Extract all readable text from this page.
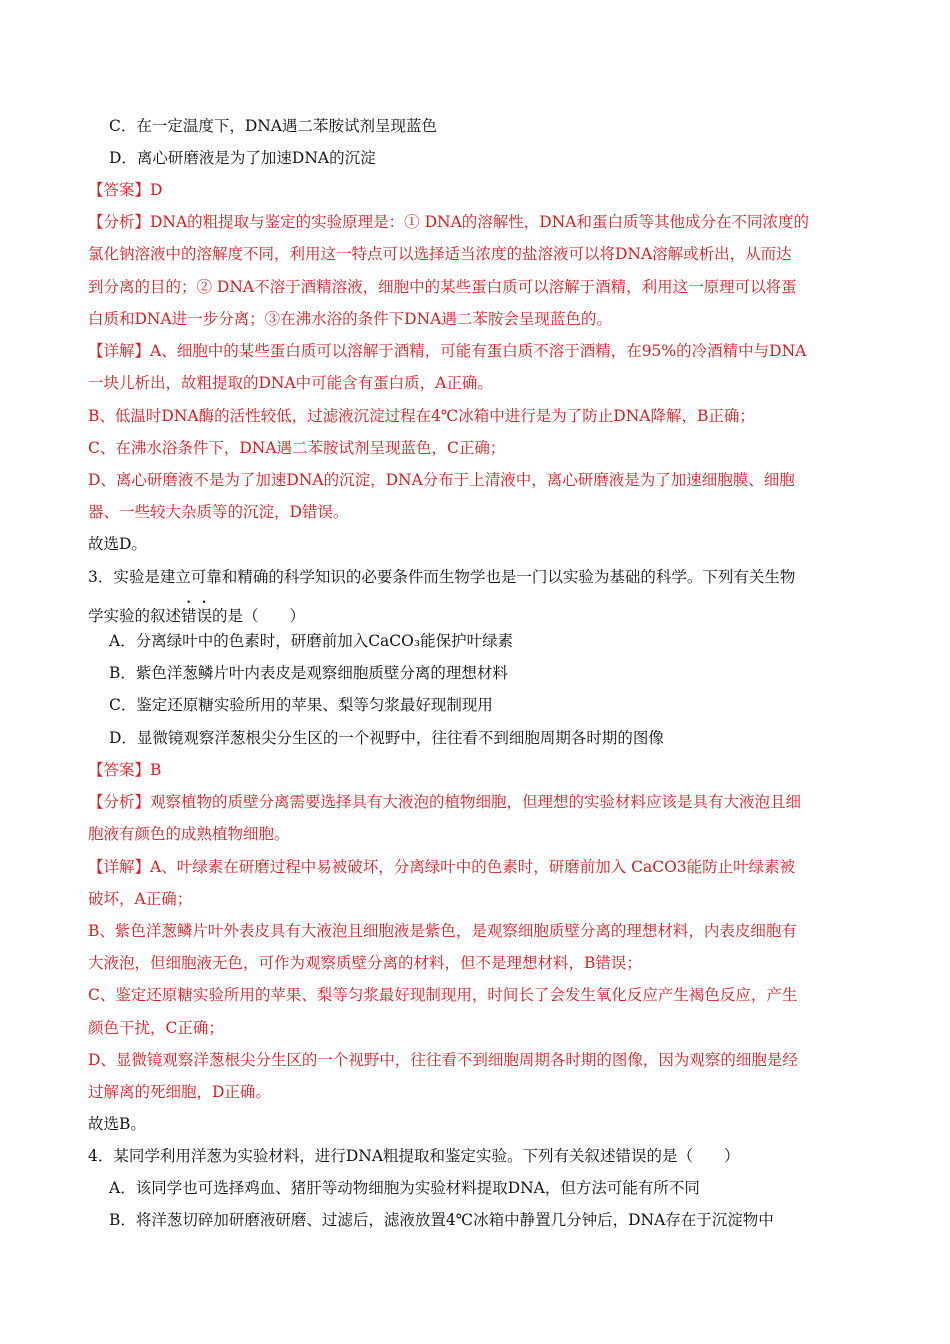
C．在一定温度下，DNA遇二苯胺试剂呈现蓝色
D．离心研磨液是为了加速DNA的沉淀
【答案】D
【分析】DNA的粗提取与鉴定的实验原理是：① DNA的溶解性，DNA和蛋白质等其他成分在不同浓度的
氯化钠溶液中的溶解度不同，利用这一特点可以选择适当浓度的盐溶液可以将DNA溶解或析出，从而达
到分离的目的；② DNA不溶于酒精溶液，细胞中的某些蛋白质可以溶解于酒精，利用这一原理可以将蛋
白质和DNA进一步分离；③在沸水浴的条件下DNA遇二苯胺会呈现蓝色的。
【详解】A、细胞中的某些蛋白质可以溶解于酒精，可能有蛋白质不溶于酒精，在95%的冷酒精中与DNA
一块儿析出，故粗提取的DNA中可能含有蛋白质，A正确。
B、低温时DNA酶的活性较低，过滤液沉淀过程在4℃冰箱中进行是为了防止DNA降解，B正确；
C、在沸水浴条件下，DNA遇二苯胺试剂呈现蓝色，C正确；
D、离心研磨液不是为了加速DNA的沉淀，DNA分布于上清液中，离心研磨液是为了加速细胞膜、细胞
器、一些较大杂质等的沉淀，D错误。
故选D。
3．实验是建立可靠和精确的科学知识的必要条件而生物学也是一门以实验为基础的科学。下列有关生物
学实验的叙述错误的是（　　）
A．分离绿叶中的色素时，研磨前加入CaCO₃能保护叶绿素
B．紫色洋葱鳞片叶内表皮是观察细胞质壁分离的理想材料
C．鉴定还原糖实验所用的苹果、梨等匀浆最好现制现用
D．显微镜观察洋葱根尖分生区的一个视野中，往往看不到细胞周期各时期的图像
【答案】B
【分析】观察植物的质壁分离需要选择具有大液泡的植物细胞，但理想的实验材料应该是具有大液泡且细
胞液有颜色的成熟植物细胞。
【详解】A、叶绿素在研磨过程中易被破坏，分离绿叶中的色素时，研磨前加入 CaCO3能防止叶绿素被
破坏，A正确；
B、紫色洋葱鳞片叶外表皮具有大液泡且细胞液是紫色，是观察细胞质壁分离的理想材料，内表皮细胞有
大液泡，但细胞液无色，可作为观察质壁分离的材料，但不是理想材料，B错误；
C、鉴定还原糖实验所用的苹果、梨等匀浆最好现制现用，时间长了会发生氧化反应产生褐色反应，产生
颜色干扰，C正确；
D、显微镜观察洋葱根尖分生区的一个视野中，往往看不到细胞周期各时期的图像，因为观察的细胞是经
过解离的死细胞，D正确。
故选B。
4．某同学利用洋葱为实验材料，进行DNA粗提取和鉴定实验。下列有关叙述错误的是（　　）
A．该同学也可选择鸡血、猪肝等动物细胞为实验材料提取DNA，但方法可能有所不同
B．将洋葱切碎加研磨液研磨、过滤后，滤液放置4℃冰箱中静置几分钟后，DNA存在于沉淀物中
